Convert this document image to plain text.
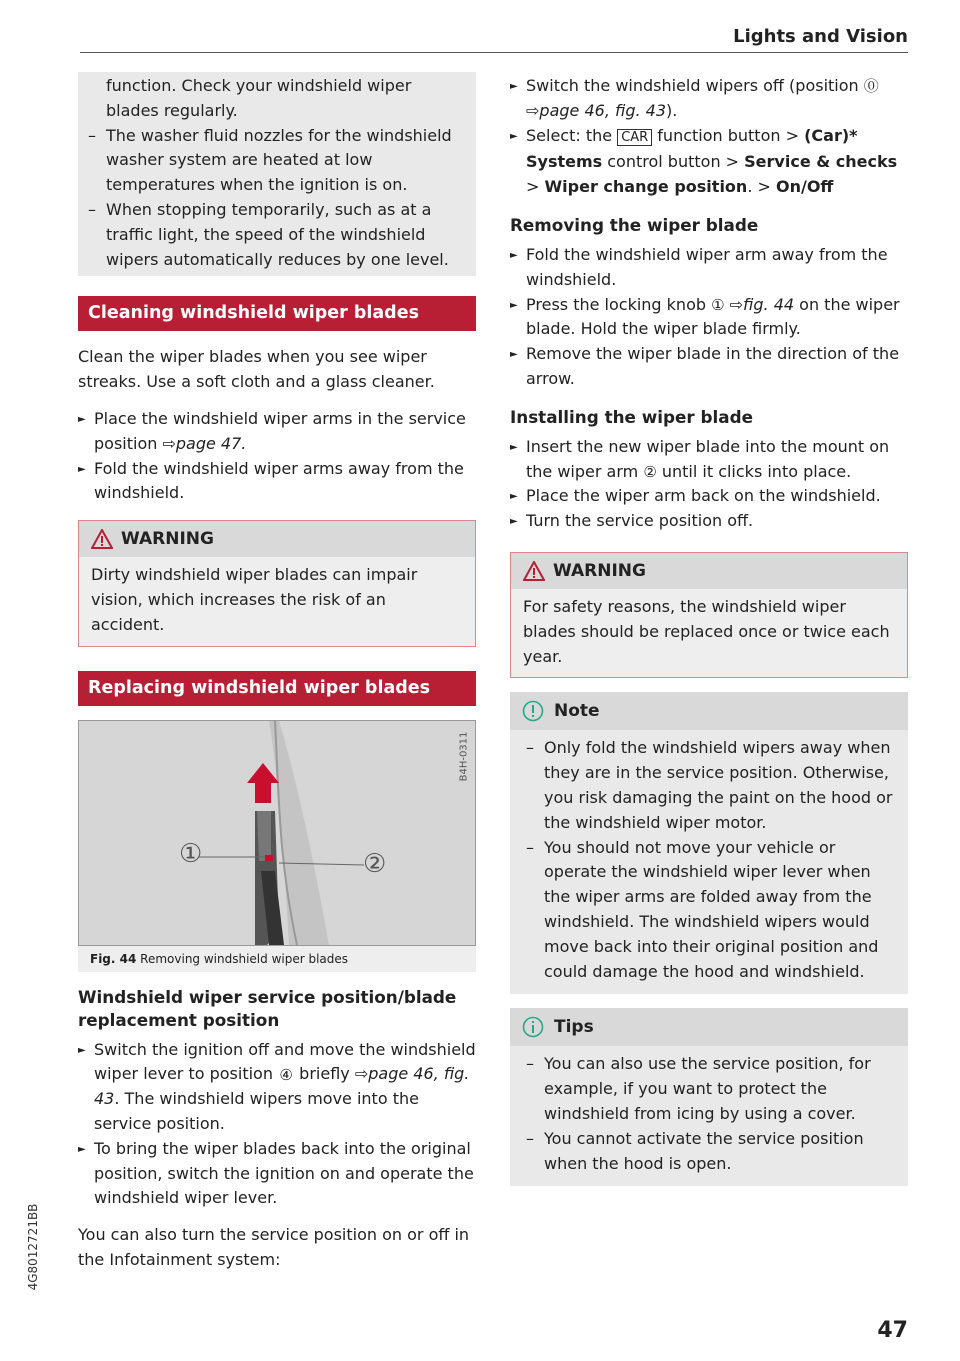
Lights and Vision

function. Check your windshield wiper blades regularly.

– The washer fluid nozzles for the windshield washer system are heated at low temperatures when the ignition is on.

– When stopping temporarily, such as at a traffic light, the speed of the windshield wipers automatically reduces by one level.

Cleaning windshield wiper blades

Clean the wiper blades when you see wiper streaks. Use a soft cloth and a glass cleaner.

► Place the windshield wiper arms in the service position ⇨page 47.

► Fold the windshield wiper arms away from the windshield.

WARNING

Dirty windshield wiper blades can impair vision, which increases the risk of an accident.

Replacing windshield wiper blades
①	②
B4H-0311
Fig. 44 Removing windshield wiper blades
Windshield wiper service position/blade replacement position

► Switch the ignition off and move the windshield wiper lever to position ④ briefly ⇨page 46, fig. 43. The windshield wipers move into the service position.

► To bring the wiper blades back into the original position, switch the ignition on and operate the windshield wiper lever.

You can also turn the service position on or off in the Infotainment system:

► Switch the windshield wipers off (position ⓪
⇨page 46, fig. 43).

► Select: the CAR function button > (Car)* Systems control button > Service & checks > Wiper change position. > On/Off

Removing the wiper blade

► Fold the windshield wiper arm away from the windshield.

► Press the locking knob ① ⇨fig. 44 on the wiper blade. Hold the wiper blade firmly.

► Remove the wiper blade in the direction of the arrow.

Installing the wiper blade

► Insert the new wiper blade into the mount on the wiper arm ② until it clicks into place.

► Place the wiper arm back on the windshield.

► Turn the service position off.

WARNING

For safety reasons, the windshield wiper blades should be replaced once or twice each year.

Note

– Only fold the windshield wipers away when they are in the service position. Otherwise, you risk damaging the paint on the hood or the windshield wiper motor.

– You should not move your vehicle or operate the windshield wiper lever when the wiper arms are folded away from the windshield. The windshield wipers would move back into their original position and could damage the hood and windshield.

Tips

– You can also use the service position, for example, if you want to protect the windshield from icing by using a cover.

– You cannot activate the service position when the hood is open.

4G8012721BB
47
